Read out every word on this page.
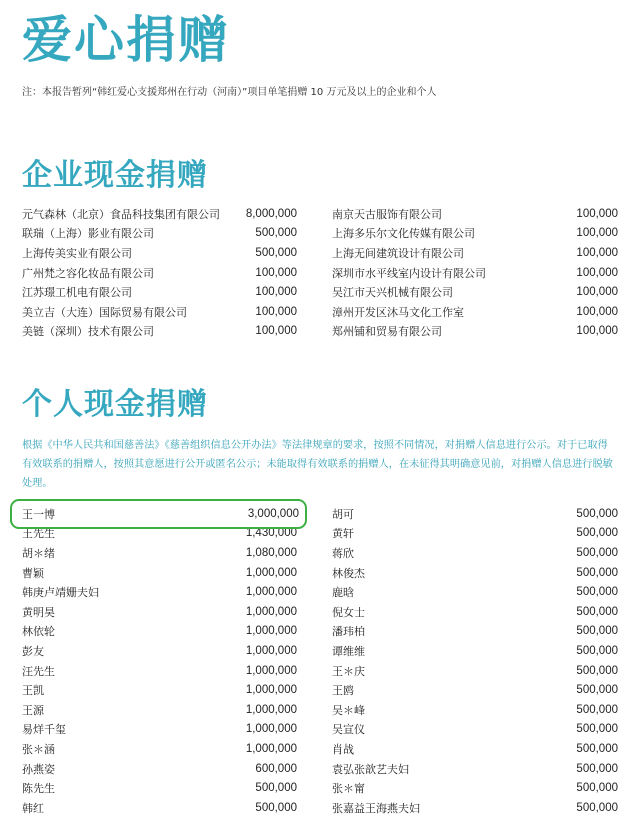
爱心捐赠

注：本报告暂列“韩红爱心支援郑州在行动（河南）”项目单笔捐赠 10 万元及以上的企业和个人

企业现金捐赠
元气森林（北京）食品科技集团有限公司 8,000,000
联瑞（上海）影业有限公司	500,000
上海传美实业有限公司	500,000
广州梵之容化妆品有限公司	100,000
江苏璟工机电有限公司	100,000
美立吉（大连）国际贸易有限公司	100,000
美链（深圳）技术有限公司	100,000
南京天古服饰有限公司	100,000
上海多乐尔文化传媒有限公司	100,000
上海无间建筑设计有限公司	100,000
深圳市水平线室内设计有限公司	100,000
吴江市天兴机械有限公司	100,000
漳州开发区沐马文化工作室	100,000
郑州铺和贸易有限公司	100,000
个人现金捐赠

根据《中华人民共和国慈善法》《慈善组织信息公开办法》等法律规章的要求，按照不同情况，对捐赠人信息进行公示。对于已取得有效联系的捐赠人，按照其意愿进行公开或匿名公示；未能取得有效联系的捐赠人，在未征得其明确意见前，对捐赠人信息进行脱敏处理。

王一博	3,000,000
王先生	1,430,000
胡＊绪	1,080,000
曹颖	1,000,000
韩庚卢靖姗夫妇	1,000,000
黄明昊	1,000,000
林依轮	1,000,000
彭友	1,000,000
汪先生	1,000,000
王凯	1,000,000
王源	1,000,000
易烊千玺	1,000,000
张＊涵	1,000,000
孙燕姿	600,000
陈先生	500,000
韩红	500,000
胡可	500,000
黄轩	500,000
蒋欣	500,000
林俊杰	500,000
鹿晗	500,000
倪女士	500,000
潘玮柏	500,000
谭维维	500,000
王＊庆	500,000
王鸥	500,000
吴＊峰	500,000
吴宣仪	500,000
肖战	500,000
袁弘张歆艺夫妇	500,000
张＊甯	500,000
张嘉益王海燕夫妇	500,000
